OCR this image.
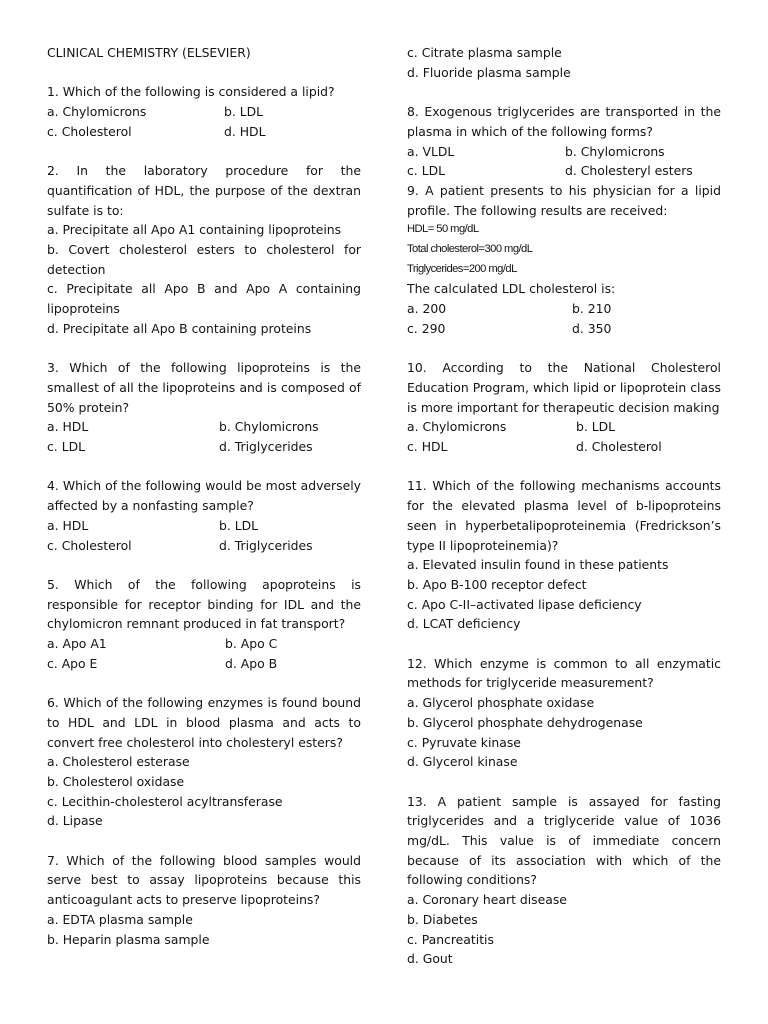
CLINICAL CHEMISTRY (ELSEVIER)
1. Which of the following is considered a lipid?
a. Chylomicrons	b. LDL
c. Cholesterol	d. HDL
2. In the laboratory procedure for the quantification of HDL, the purpose of the dextran sulfate is to:
a. Precipitate all Apo A1 containing lipoproteins
b. Covert cholesterol esters to cholesterol for detection
c. Precipitate all Apo B and Apo A containing lipoproteins
d. Precipitate all Apo B containing proteins
3. Which of the following lipoproteins is the smallest of all the lipoproteins and is composed of 50% protein?
a. HDL	b. Chylomicrons
c. LDL	d. Triglycerides
4. Which of the following would be most adversely affected by a nonfasting sample?
a. HDL	b. LDL
c. Cholesterol	d. Triglycerides
5. Which of the following apoproteins is responsible for receptor binding for IDL and the chylomicron remnant produced in fat transport?
a. Apo A1	b. Apo C
c. Apo E	d. Apo B
6. Which of the following enzymes is found bound to HDL and LDL in blood plasma and acts to convert free cholesterol into cholesteryl esters?
a. Cholesterol esterase
b. Cholesterol oxidase
c. Lecithin-cholesterol acyltransferase
d. Lipase
7. Which of the following blood samples would serve best to assay lipoproteins because this anticoagulant acts to preserve lipoproteins?
a. EDTA plasma sample
b. Heparin plasma sample
c. Citrate plasma sample
d. Fluoride plasma sample
8. Exogenous triglycerides are transported in the plasma in which of the following forms?
a. VLDL	b. Chylomicrons
c. LDL	d. Cholesteryl esters
9. A patient presents to his physician for a lipid profile. The following results are received:
HDL= 50 mg/dL
Total cholesterol=300 mg/dL
Triglycerides=200 mg/dL
The calculated LDL cholesterol is:
a. 200	b. 210
c. 290	d. 350
10. According to the National Cholesterol Education Program, which lipid or lipoprotein class is more important for therapeutic decision making
a. Chylomicrons	b. LDL
c. HDL	d. Cholesterol
11. Which of the following mechanisms accounts for the elevated plasma level of b-lipoproteins seen in hyperbetalipoproteinemia (Fredrickson’s type II lipoproteinemia)?
a. Elevated insulin found in these patients
b. Apo B-100 receptor defect
c. Apo C-II–activated lipase deficiency
d. LCAT deficiency
12. Which enzyme is common to all enzymatic methods for triglyceride measurement?
a. Glycerol phosphate oxidase
b. Glycerol phosphate dehydrogenase
c. Pyruvate kinase
d. Glycerol kinase
13. A patient sample is assayed for fasting triglycerides and a triglyceride value of 1036 mg/dL. This value is of immediate concern because of its association with which of the following conditions?
a. Coronary heart disease
b. Diabetes
c. Pancreatitis
d. Gout
